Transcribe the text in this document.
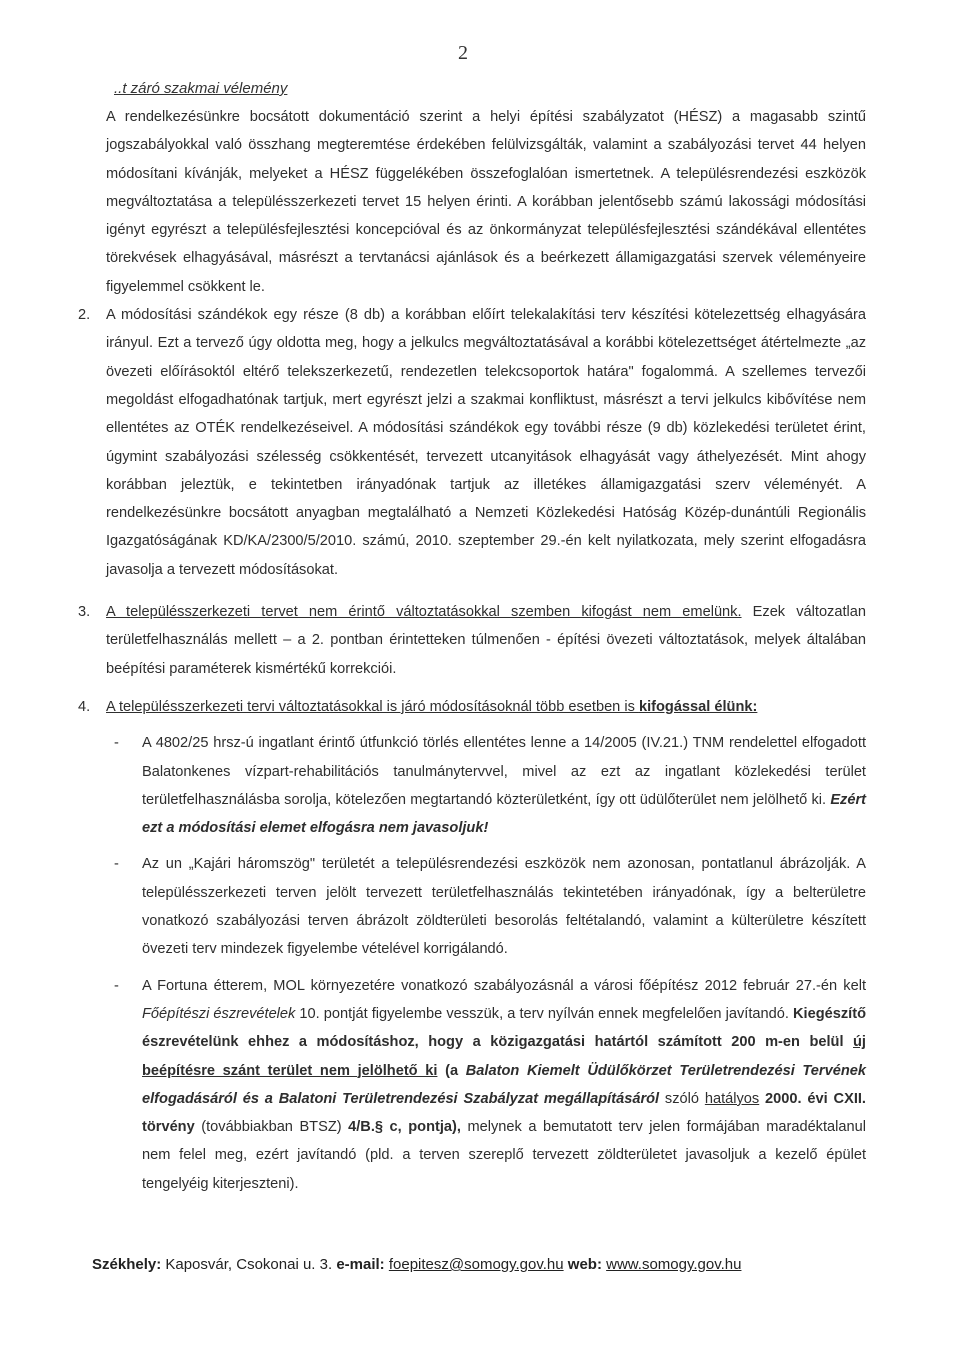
2
..t záró szakmai vélemény

A rendelkezésünkre bocsátott dokumentáció szerint a helyi építési szabályzatot (HÉSZ) a magasabb szintű jogszabályokkal való összhang megteremtése érdekében felülvizsgálták, valamint a szabályozási tervet 44 helyen módosítani kívánják, melyeket a HÉSZ függelékében összefoglalóan ismertetnek. A településrendezési eszközök megváltoztatása a településszerkezeti tervet 15 helyen érinti. A korábban jelentősebb számú lakossági módosítási igényt egyrészt a településfejlesztési koncepcióval és az önkormányzat településfejlesztési szándékával ellentétes törekvések elhagyásával, másrészt a tervtanácsi ajánlások és a beérkezett államigazgatási szervek véleményeire figyelemmel csökkent le.

2. A módosítási szándékok egy része (8 db) a korábban előírt telekalakítási terv készítési kötelezettség elhagyására irányul. Ezt a tervező úgy oldotta meg, hogy a jelkulcs megváltoztatásával a korábbi kötelezettséget átértelmezte „az övezeti előírásoktól eltérő telekszerkezetű, rendezetlen telekcsoportok határa" fogalommá. A szellemes tervezői megoldást elfogadhatónak tartjuk, mert egyrészt jelzi a szakmai konfliktust, másrészt a tervi jelkulcs kibővítése nem ellentétes az OTÉK rendelkezéseivel. A módosítási szándékok egy további része (9 db) közlekedési területet érint, úgymint szabályozási szélesség csökkentését, tervezett utcanyitások elhagyását vagy áthelyezését. Mint ahogy korábban jeleztük, e tekintetben irányadónak tartjuk az illetékes államigazgatási szerv véleményét. A rendelkezésünkre bocsátott anyagban megtalálható a Nemzeti Közlekedési Hatóság Közép-dunántúli Regionális Igazgatóságának KD/KA/2300/5/2010. számú, 2010. szeptember 29.-én kelt nyilatkozata, mely szerint elfogadásra javasolja a tervezett módosításokat.
3. A településszerkezeti tervet nem érintő változtatásokkal szemben kifogást nem emelünk. Ezek változatlan területfelhasználás mellett – a 2. pontban érintetteken túlmenően - építési övezeti változtatások, melyek általában beépítési paraméterek kismértékű korrekciói.
4. A településszerkezeti tervi változtatásokkal is járó módosításoknál több esetben is kifogással élünk:
- A 4802/25 hrsz-ú ingatlant érintő útfunkció törlés ellentétes lenne a 14/2005 (IV.21.) TNM rendelettel elfogadott Balatonkenes vízpart-rehabilitációs tanulmánytervvel, mivel az ezt az ingatlant közlekedési terület területfelhasználásba sorolja, kötelezően megtartandó közterületként, így ott üdülőterület nem jelölhető ki. Ezért ezt a módosítási elemet elfogásra nem javasoljuk!
- Az un „Kajári háromszög" területét a településrendezési eszközök nem azonosan, pontatlanul ábrázolják. A településszerkezeti terven jelölt tervezett területfelhasználás tekintetében irányadónak, így a belterületre vonatkozó szabályozási terven ábrázolt zöldterületi besorolás feltétalandó, valamint a külterületre készített övezeti terv mindezek figyelembe vételével korrigálandó.
- A Fortuna étterem, MOL környezetére vonatkozó szabályozásnál a városi főépítész 2012 február 27.-én kelt Főépítészi észrevételek 10. pontját figyelembe vesszük, a terv nyílván ennek megfelelően javítandó. Kiegészítő észrevételünk ehhez a módosításhoz, hogy a közigazgatási határtól számított 200 m-en belül új beépítésre szánt terület nem jelölhető ki (a Balaton Kiemelt Üdülőkörzet Területrendezési Tervének elfogadásáról és a Balatoni Területrendezési Szabályzat megállapításáról szóló hatályos 2000. évi CXII. törvény (továbbiakban BTSZ) 4/B.§ c, pontja), melynek a bemutatott terv jelen formájában maradéktalanul nem felel meg, ezért javítandó (pld. a terven szereplő tervezett zöldterületet javasoljuk a kezelő épület tengelyéig kiterjeszteni).
Székhely: Kaposvár, Csokonai u. 3. e-mail: foepitesz@somogy.gov.hu web: www.somogy.gov.hu
